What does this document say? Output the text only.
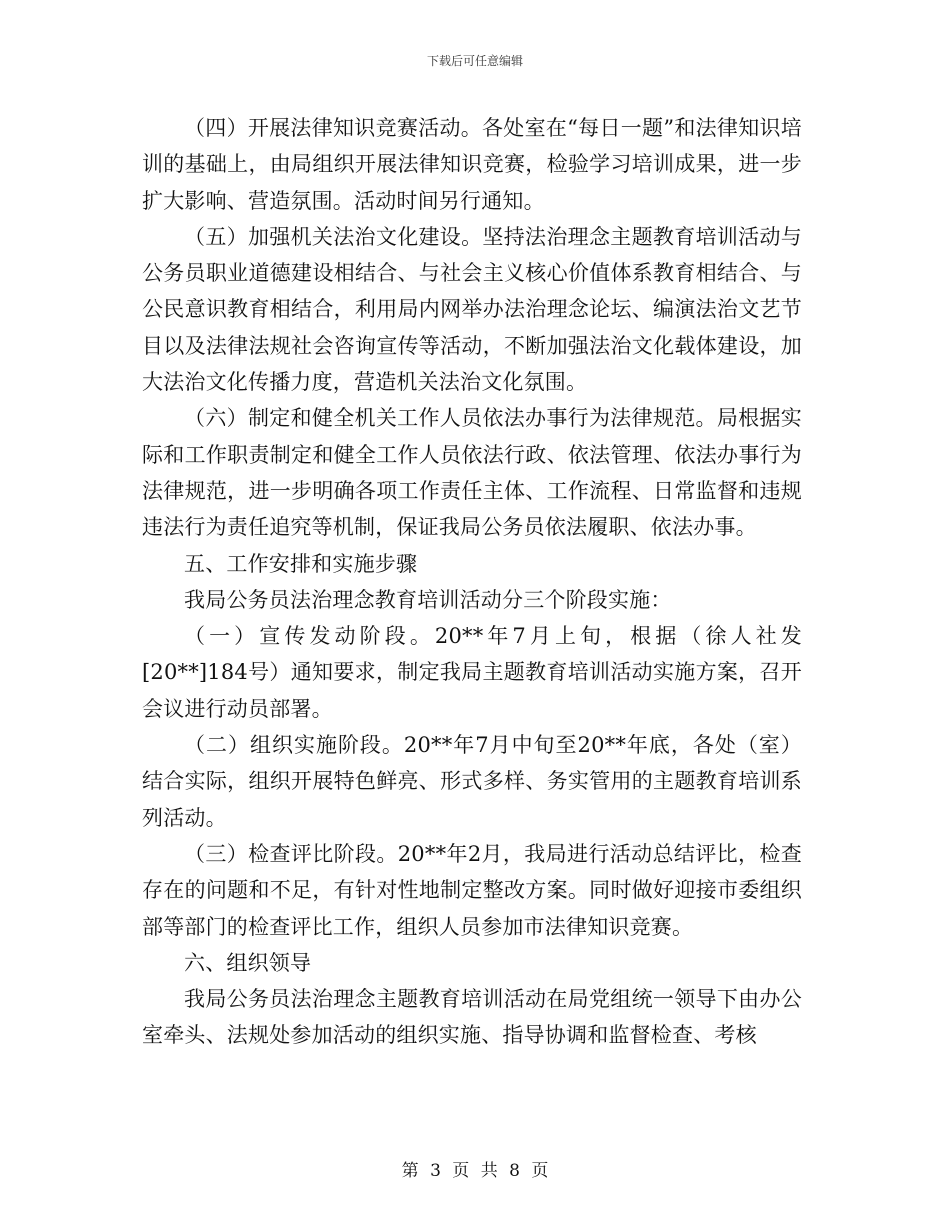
下载后可任意编辑

（四）开展法律知识竞赛活动。各处室在“每日一题”和法律知识培训的基础上，由局组织开展法律知识竞赛，检验学习培训成果，进一步扩大影响、营造氛围。活动时间另行通知。

（五）加强机关法治文化建设。坚持法治理念主题教育培训活动与公务员职业道德建设相结合、与社会主义核心价值体系教育相结合、与公民意识教育相结合，利用局内网举办法治理念论坛、编演法治文艺节目以及法律法规社会咨询宣传等活动，不断加强法治文化载体建设，加大法治文化传播力度，营造机关法治文化氛围。

（六）制定和健全机关工作人员依法办事行为法律规范。局根据实际和工作职责制定和健全工作人员依法行政、依法管理、依法办事行为法律规范，进一步明确各项工作责任主体、工作流程、日常监督和违规违法行为责任追究等机制，保证我局公务员依法履职、依法办事。

五、工作安排和实施步骤

我局公务员法治理念教育培训活动分三个阶段实施：

（一）宣传发动阶段。20**年7月上旬，根据（徐人社发[20**]184号）通知要求，制定我局主题教育培训活动实施方案，召开会议进行动员部署。

（二）组织实施阶段。20**年7月中旬至20**年底，各处（室）结合实际，组织开展特色鲜亮、形式多样、务实管用的主题教育培训系列活动。

（三）检查评比阶段。20**年2月，我局进行活动总结评比，检查存在的问题和不足，有针对性地制定整改方案。同时做好迎接市委组织部等部门的检查评比工作，组织人员参加市法律知识竞赛。

六、组织领导

我局公务员法治理念主题教育培训活动在局党组统一领导下由办公室牵头、法规处参加活动的组织实施、指导协调和监督检查、考核

第 3 页 共 8 页
